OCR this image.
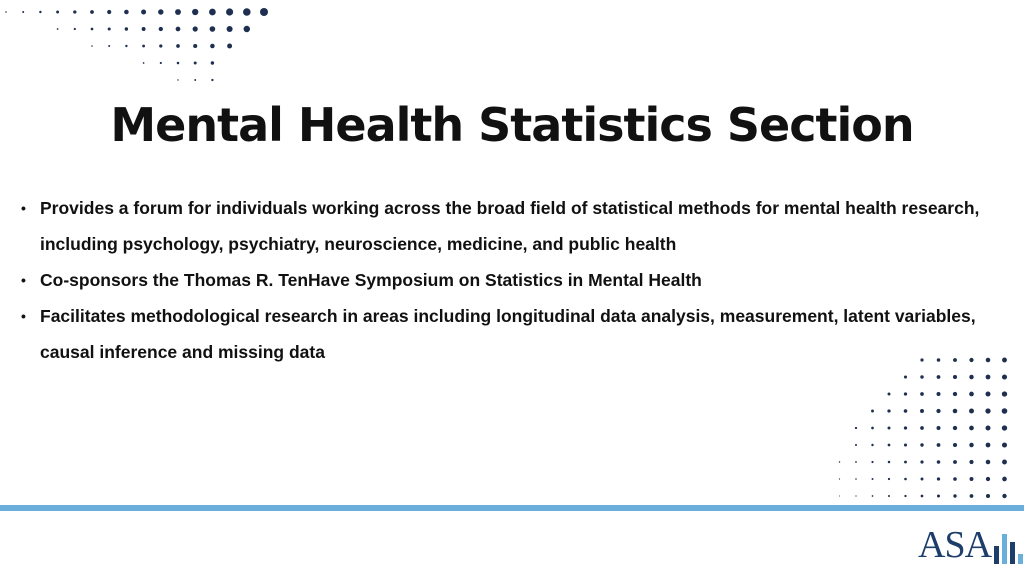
Mental Health Statistics Section
• Provides a forum for individuals working across the broad field of statistical methods for mental health research, including psychology, psychiatry, neuroscience, medicine, and public health
• Co-sponsors the Thomas R. TenHave Symposium on Statistics in Mental Health
• Facilitates methodological research in areas including longitudinal data analysis, measurement, latent variables, causal inference and missing data
ASA
